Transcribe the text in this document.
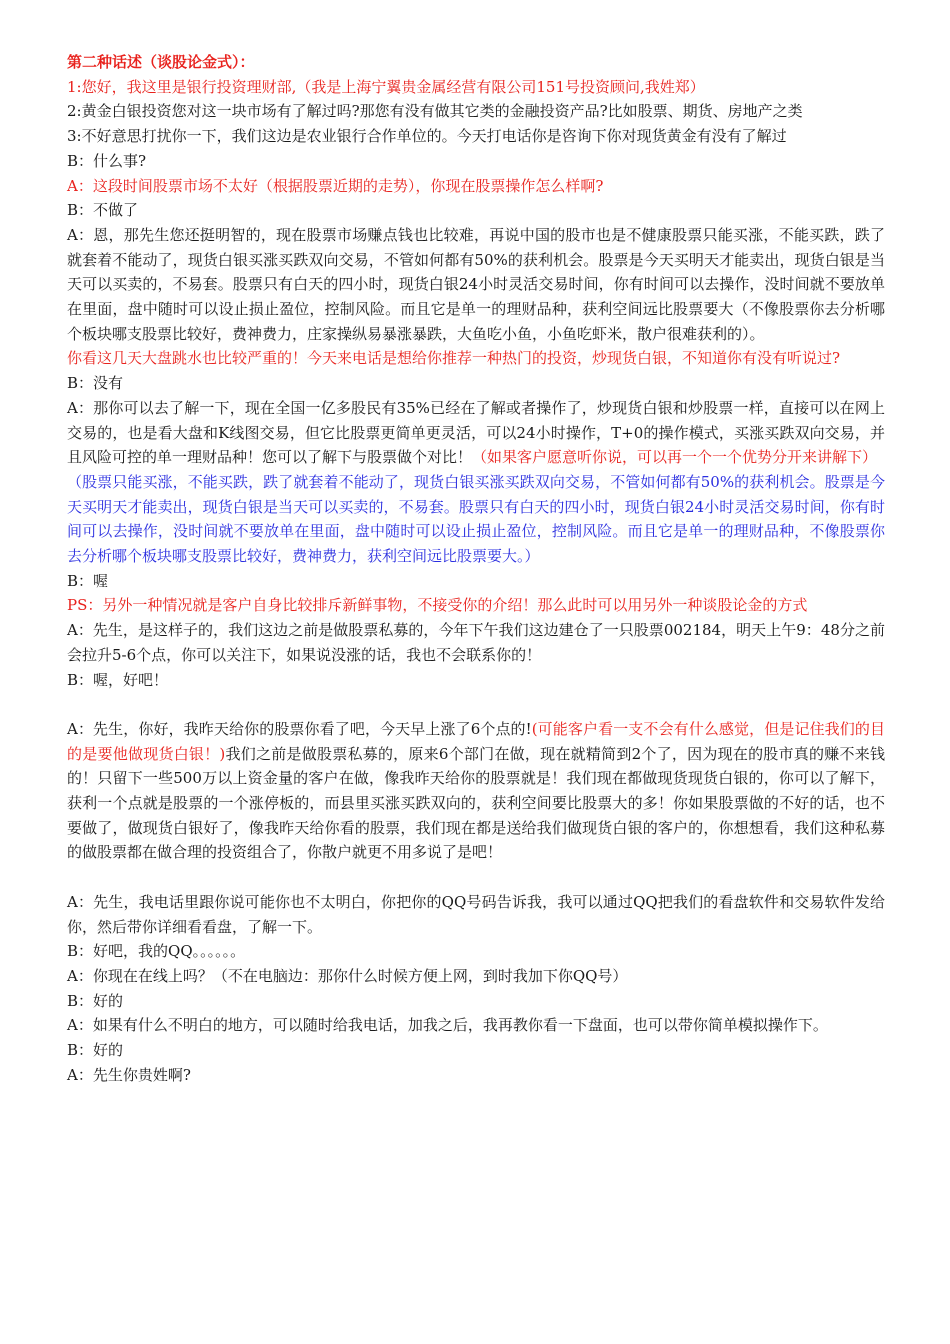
第二种话述（谈股论金式）：

1:您好，我这里是银行投资理财部,（我是上海宁翼贵金属经营有限公司151号投资顾问,我姓郑）

2:黄金白银投资您对这一块市场有了解过吗?那您有没有做其它类的金融投资产品?比如股票、期货、房地产之类

3:不好意思打扰你一下，我们这边是农业银行合作单位的。今天打电话你是咨询下你对现货黄金有没有了解过

B：什么事?

A：这段时间股票市场不太好（根据股票近期的走势），你现在股票操作怎么样啊?

B：不做了

A：恩，那先生您还挺明智的，现在股票市场赚点钱也比较难，再说中国的股市也是不健康股票只能买涨，不能买跌，跌了就套着不能动了，现货白银买涨买跌双向交易，不管如何都有50%的获利机会。股票是今天买明天才能卖出，现货白银是当天可以买卖的，不易套。股票只有白天的四小时，现货白银24小时灵活交易时间，你有时间可以去操作，没时间就不要放单在里面，盘中随时可以设止损止盈位，控制风险。而且它是单一的理财品种，获利空间远比股票要大（不像股票你去分析哪个板块哪支股票比较好，费神费力，庄家操纵易暴涨暴跌，大鱼吃小鱼，小鱼吃虾米，散户很难获利的）。

你看这几天大盘跳水也比较严重的！今天来电话是想给你推荐一种热门的投资，炒现货白银，不知道你有没有听说过?

B：没有

A：那你可以去了解一下，现在全国一亿多股民有35%已经在了解或者操作了，炒现货白银和炒股票一样，直接可以在网上交易的，也是看大盘和K线图交易，但它比股票更简单更灵活，可以24小时操作，T+0的操作模式，买涨买跌双向交易，并且风险可控的单一理财品种！您可以了解下与股票做个对比！（如果客户愿意听你说，可以再一个一个优势分开来讲解下）

（股票只能买涨，不能买跌，跌了就套着不能动了，现货白银买涨买跌双向交易，不管如何都有50%的获利机会。股票是今天买明天才能卖出，现货白银是当天可以买卖的，不易套。股票只有白天的四小时，现货白银24小时灵活交易时间，你有时间可以去操作，没时间就不要放单在里面，盘中随时可以设止损止盈位，控制风险。而且它是单一的理财品种，不像股票你去分析哪个板块哪支股票比较好，费神费力，获利空间远比股票要大。）

B：喔

PS：另外一种情况就是客户自身比较排斥新鲜事物，不接受你的介绍！那么此时可以用另外一种谈股论金的方式

A：先生，是这样子的，我们这边之前是做股票私募的，今年下午我们这边建仓了一只股票002184，明天上午9：48分之前会拉升5-6个点，你可以关注下，如果说没涨的话，我也不会联系你的！

B：喔，好吧！

A：先生，你好，我昨天给你的股票你看了吧，今天早上涨了6个点的!(可能客户看一支不会有什么感觉，但是记住我们的目的是要他做现货白银！)我们之前是做股票私募的，原来6个部门在做，现在就精简到2个了，因为现在的股市真的赚不来钱的！只留下一些500万以上资金量的客户在做，像我昨天给你的股票就是！我们现在都做现货现货白银的，你可以了解下，获利一个点就是股票的一个涨停板的，而县里买涨买跌双向的，获利空间要比股票大的多！你如果股票做的不好的话，也不要做了，做现货白银好了，像我昨天给你看的股票，我们现在都是送给我们做现货白银的客户的，你想想看，我们这种私募的做股票都在做合理的投资组合了，你散户就更不用多说了是吧！

A：先生，我电话里跟你说可能你也不太明白，你把你的QQ号码告诉我，我可以通过QQ把我们的看盘软件和交易软件发给你，然后带你详细看看盘，了解一下。

B：好吧，我的QQ。。。。。。

A：你现在在线上吗？（不在电脑边：那你什么时候方便上网，到时我加下你QQ号）

B：好的

A：如果有什么不明白的地方，可以随时给我电话，加我之后，我再教你看一下盘面，也可以带你简单模拟操作下。

B：好的

A：先生你贵姓啊?
